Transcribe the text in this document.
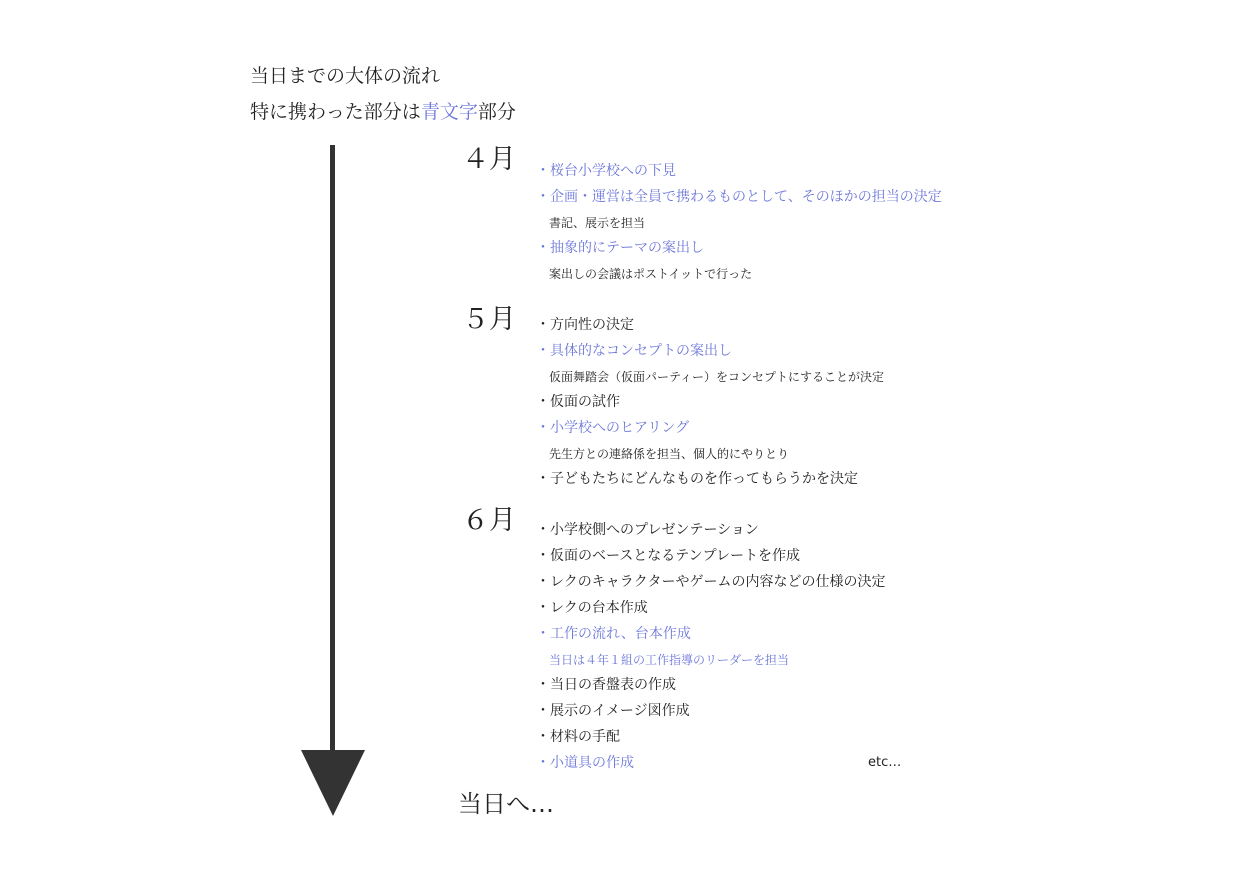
当日までの大体の流れ
特に携わった部分は青文字部分
４月
５月
６月
・桜台小学校への下見
・企画・運営は全員で携わるものとして、そのほかの担当の決定
書記、展示を担当
・抽象的にテーマの案出し
案出しの会議はポストイットで行った
・方向性の決定
・具体的なコンセプトの案出し
仮面舞踏会（仮面パーティー）をコンセプトにすることが決定
・仮面の試作
・小学校へのヒアリング
先生方との連絡係を担当、個人的にやりとり
・子どもたちにどんなものを作ってもらうかを決定
・小学校側へのプレゼンテーション
・仮面のベースとなるテンプレートを作成
・レクのキャラクターやゲームの内容などの仕様の決定
・レクの台本作成
・工作の流れ、台本作成
当日は４年１組の工作指導のリーダーを担当
・当日の香盤表の作成
・展示のイメージ図作成
・材料の手配
・小道具の作成	etc…
当日へ…
